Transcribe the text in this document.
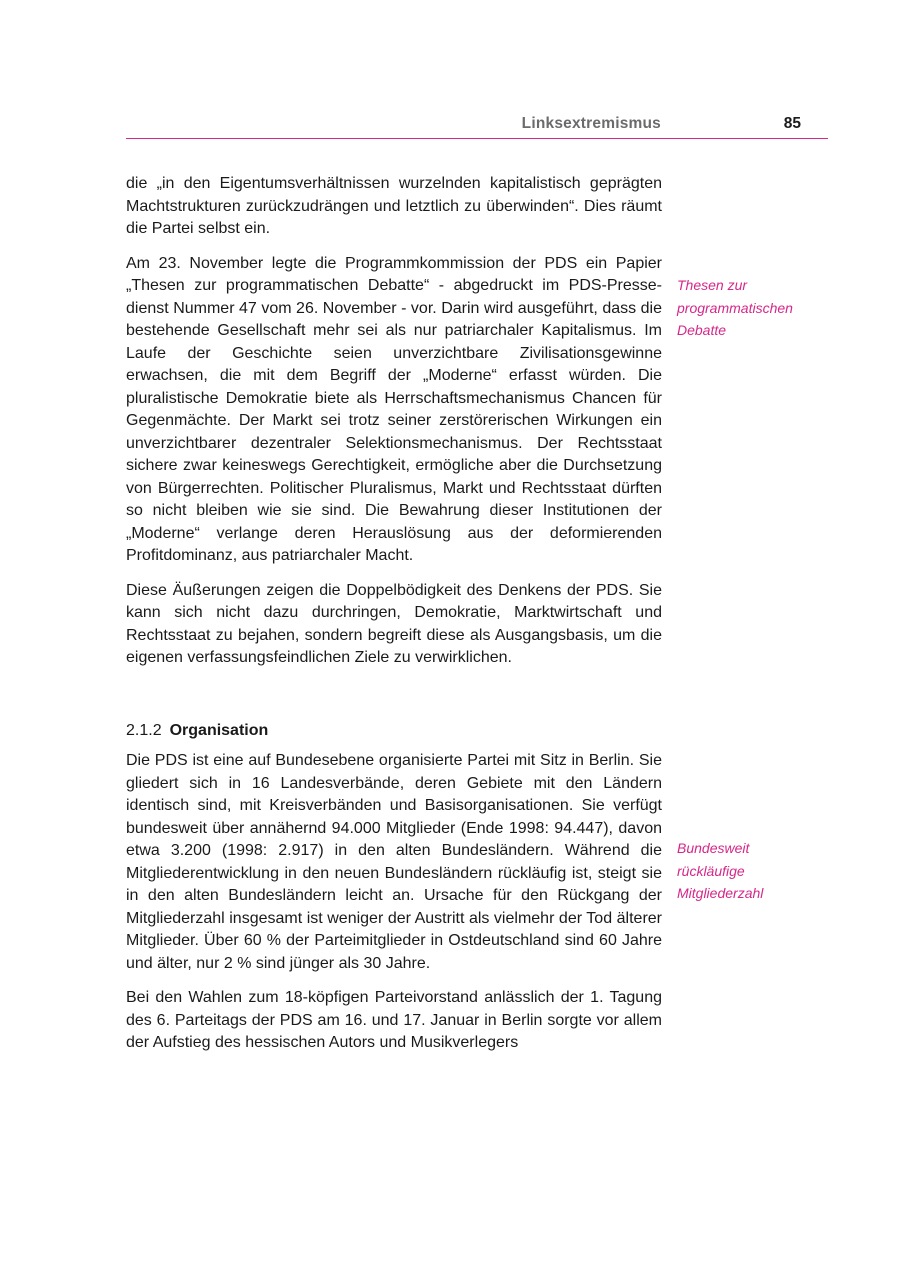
Linksextremismus	85

die „in den Eigentumsverhältnissen wurzelnden kapitalistisch geprägten Machtstrukturen zurückzudrängen und letztlich zu überwinden“. Dies räumt die Partei selbst ein.

Am 23. November legte die Programmkommission der PDS ein Papier „Thesen zur programmatischen Debatte“ - abgedruckt im PDS-Pressedienst Nummer 47 vom 26. November - vor. Darin wird ausgeführt, dass die bestehende Gesellschaft mehr sei als nur patriarchaler Kapitalismus. Im Laufe der Geschichte seien unverzichtbare Zivilisationsgewinne erwachsen, die mit dem Begriff der „Moderne“ erfasst würden. Die pluralistische Demokratie biete als Herrschaftsmechanismus Chancen für Gegenmächte. Der Markt sei trotz seiner zerstörerischen Wirkungen ein unverzichtbarer dezentraler Selektionsmechanismus. Der Rechtsstaat sichere zwar keineswegs Gerechtigkeit, ermögliche aber die Durchsetzung von Bürgerrechten. Politischer Pluralismus, Markt und Rechtsstaat dürften so nicht bleiben wie sie sind. Die Bewahrung dieser Institutionen der „Moderne“ verlange deren Herauslösung aus der deformierenden Profitdominanz, aus patriarchaler Macht.

Diese Äußerungen zeigen die Doppelbödigkeit des Denkens der PDS. Sie kann sich nicht dazu durchringen, Demokratie, Marktwirtschaft und Rechtsstaat zu bejahen, sondern begreift diese als Ausgangsbasis, um die eigenen verfassungsfeindlichen Ziele zu verwirklichen.

2.1.2 Organisation

Die PDS ist eine auf Bundesebene organisierte Partei mit Sitz in Berlin. Sie gliedert sich in 16 Landesverbände, deren Gebiete mit den Ländern identisch sind, mit Kreisverbänden und Basisorganisationen. Sie verfügt bundesweit über annähernd 94.000 Mitglieder (Ende 1998: 94.447), davon etwa 3.200 (1998: 2.917) in den alten Bundesländern. Während die Mitgliederentwicklung in den neuen Bundesländern rückläufig ist, steigt sie in den alten Bundesländern leicht an. Ursache für den Rückgang der Mitgliederzahl insgesamt ist weniger der Austritt als vielmehr der Tod älterer Mitglieder. Über 60 % der Parteimitglieder in Ostdeutschland sind 60 Jahre und älter, nur 2 % sind jünger als 30 Jahre.

Bei den Wahlen zum 18-köpfigen Parteivorstand anlässlich der 1. Tagung des 6. Parteitags der PDS am 16. und 17. Januar in Berlin sorgte vor allem der Aufstieg des hessischen Autors und Musikverlegers

Thesen zur
programmatischen
Debatte
Bundesweit
rückläufige
Mitgliederzahl
